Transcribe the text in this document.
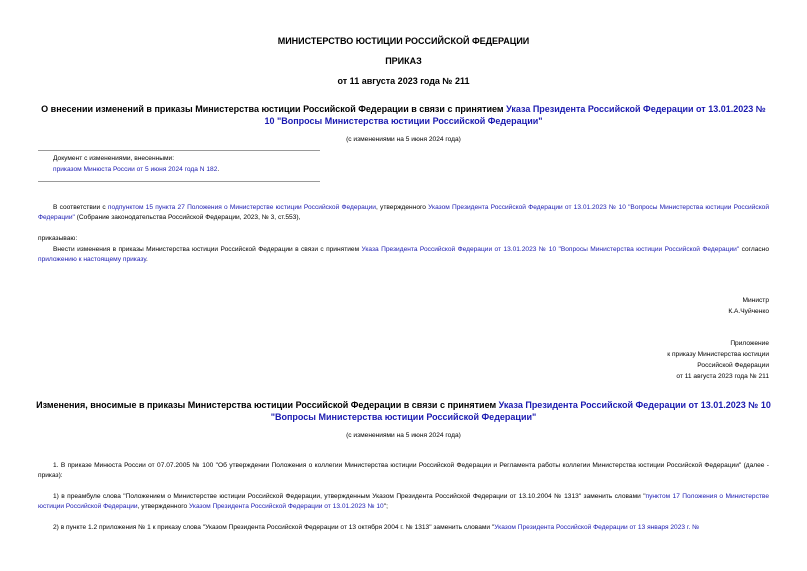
МИНИСТЕРСТВО ЮСТИЦИИ РОССИЙСКОЙ ФЕДЕРАЦИИ
ПРИКАЗ
от 11 августа 2023 года № 211
О внесении изменений в приказы Министерства юстиции Российской Федерации в связи с принятием Указа Президента Российской Федерации от 13.01.2023 № 10 "Вопросы Министерства юстиции Российской Федерации"
(с изменениями на 5 июня 2024 года)
Документ с изменениями, внесенными:
приказом Минюста России от 5 июня 2024 года N 182.
В соответствии с подпунктом 15 пункта 27 Положения о Министерстве юстиции Российской Федерации, утвержденного Указом Президента Российской Федерации от 13.01.2023 № 10 "Вопросы Министерства юстиции Российской Федерации" (Собрание законодательства Российской Федерации, 2023, № 3, ст.553),
приказываю:
Внести изменения в приказы Министерства юстиции Российской Федерации в связи с принятием Указа Президента Российской Федерации от 13.01.2023 № 10 "Вопросы Министерства юстиции Российской Федерации" согласно приложению к настоящему приказу.
Министр
К.А.Чуйченко
Приложение
к приказу Министерства юстиции
Российской Федерации
от 11 августа 2023 года № 211
Изменения, вносимые в приказы Министерства юстиции Российской Федерации в связи с принятием Указа Президента Российской Федерации от 13.01.2023 № 10 "Вопросы Министерства юстиции Российской Федерации"
(с изменениями на 5 июня 2024 года)
1. В приказе Минюста России от 07.07.2005 № 100 "Об утверждении Положения о коллегии Министерства юстиции Российской Федерации и Регламента работы коллегии Министерства юстиции Российской Федерации" (далее - приказ):
1) в преамбуле слова "Положением о Министерстве юстиции Российской Федерации, утвержденным Указом Президента Российской Федерации от 13.10.2004 № 1313" заменить словами "пунктом 17 Положения о Министерстве юстиции Российской Федерации, утвержденного Указом Президента Российской Федерации от 13.01.2023 № 10";
2) в пункте 1.2 приложения № 1 к приказу слова "Указом Президента Российской Федерации от 13 октября 2004 г. № 1313" заменить словами "Указом Президента Российской Федерации от 13 января 2023 г. №
